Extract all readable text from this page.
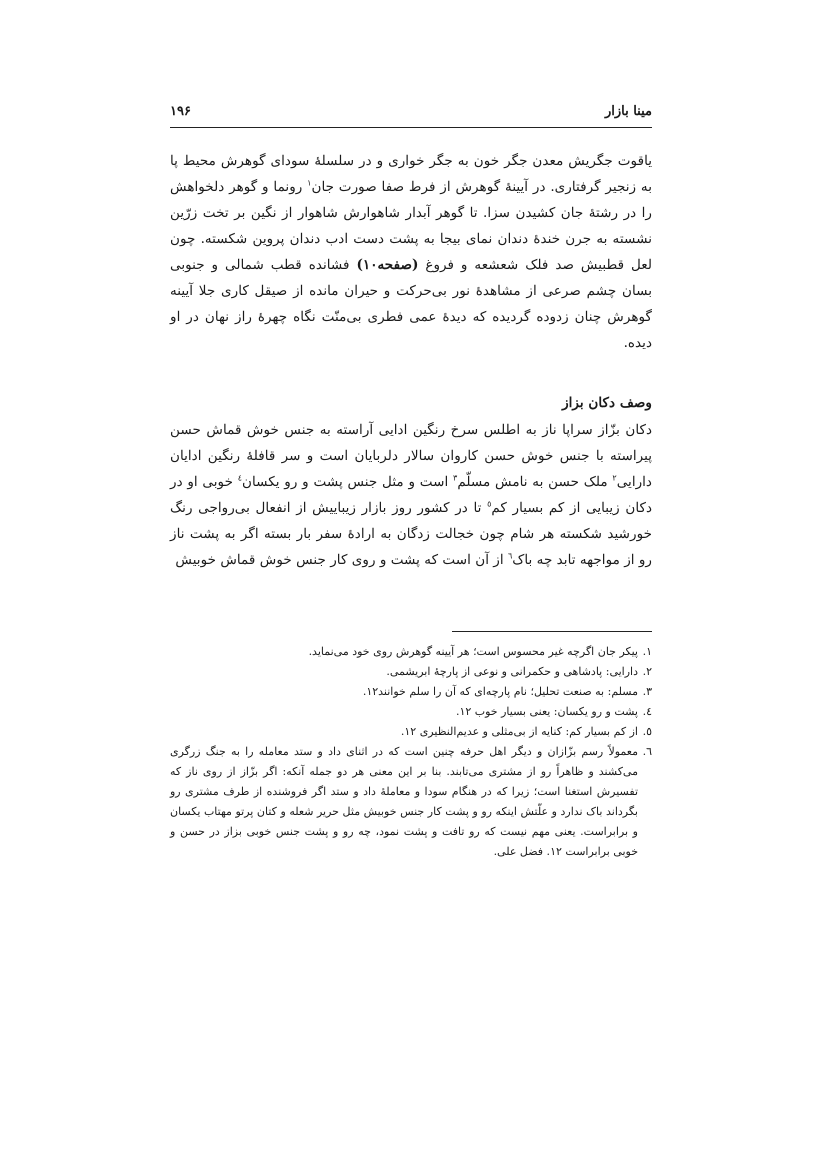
مینا بازار
۱۹۶

یاقوت جگریش معدن جگر خون به جگر خواری و در سلسلهٔ سودای گوهرش محیط پا به زنجیر گرفتاری. در آیینهٔ گوهرش از فرط صفا صورت جان$^۱$ رونما و گوهر دلخواهش را در رشتهٔ جان کشیدن سزا. تا گوهر آبدار شاهوارش شاهوار از نگین بر تخت زرّین نشسته به جرن خندهٔ دندان نمای بیجا به پشت دست ادب دندان پروین شکسته. چون لعل قطبیش صد فلک شعشعه و فروغ (صفحه۱۰) فشانده قطب شمالی و جنوبی بسان چشم صرعی از مشاهدهٔ نور بی‌حرکت و حیران مانده از صیقل کاری جلا آیینه گوهرش چنان زدوده گردیده که دیدهٔ عمی فطری بی‌منّت نگاه چهرهٔ راز نهان در او دیده.

وصف دکان بزاز

دکان بزّاز سراپا ناز به اطلس سرخ رنگین ادایی آراسته به جنس خوش قماش حسن پیراسته با جنس خوش حسن کاروان سالار دلربایان است و سر قافلهٔ رنگین ادایان دارایی$^۲$ ملک حسن به نامش مسلّم$^۳$ است و مثل جنس پشت و رو یکسان$^٤$ خوبی او در دکان زیبایی از کم بسیار کم$^٥$ تا در کشور روز بازار زیباییش از انفعال بی‌رواجی رنگ خورشید شکسته هر شام چون خجالت زدگان به ارادهٔ سفر بار بسته اگر به پشت ناز رو از مواجهه تابد چه باک$^٦$ از آن است که پشت و روی کار جنس خوش قماش خوبیش

۱.
پیکر جان اگرچه غیر محسوس است؛ هر آیینه گوهرش روی خود می‌نماید.
۲.
دارایی: پادشاهی و حکمرانی و نوعی از پارچهٔ ابریشمی.
۳.
مسلم: به صنعت تحلیل؛ نام پارچه‌ای که آن را سلم خوانند۱۲.
٤.
پشت و رو یکسان: یعنی بسیار خوب ۱۲.
٥.
از کم بسیار کم: کنایه از بی‌مثلی و عدیم‌النظیری ۱۲.
٦.
معمولاً رسم بزّازان و دیگر اهل حرفه چنین است که در اثنای داد و ستد معامله را به جنگ زرگری می‌کشند و ظاهراً رو از مشتری می‌تابند. بنا بر این معنی هر دو جمله آنکه: اگر بزّاز از روی ناز که تفسیرش استغنا است؛ زیرا که در هنگام سودا و معاملهٔ داد و ستد اگر فروشنده از طرف مشتری رو بگرداند باک ندارد و علّتش اینکه رو و پشت کار جنس خوبیش مثل حریر شعله و کتان پرتو مهتاب یکسان و برابراست. یعنی مهم نیست که رو تافت و پشت نمود، چه رو و پشت جنس خوبی بزاز در حسن و خوبی برابراست ۱۲. فضل علی.
